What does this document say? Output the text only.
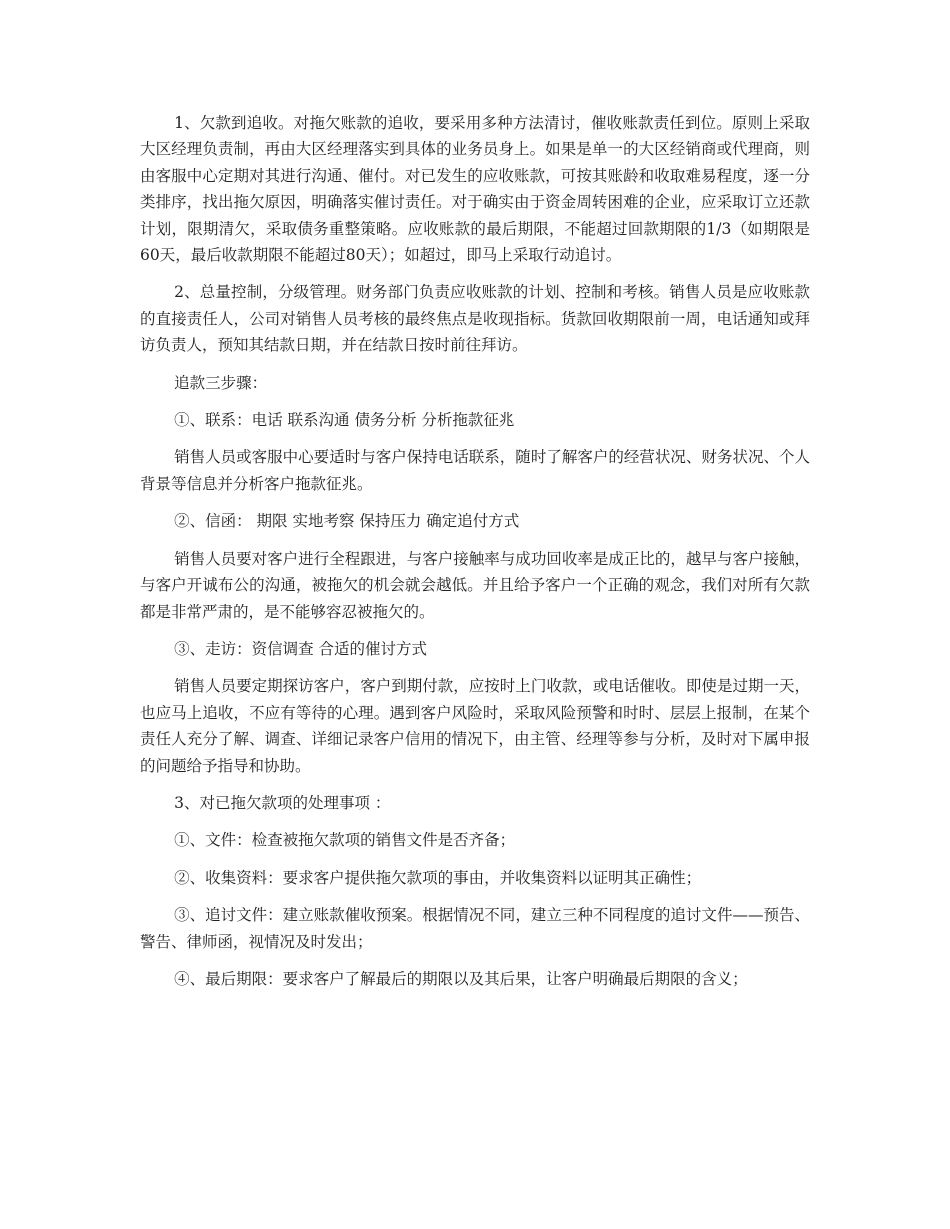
1、欠款到追收。对拖欠账款的追收，要采用多种方法清讨，催收账款责任到位。原则上采取大区经理负责制，再由大区经理落实到具体的业务员身上。如果是单一的大区经销商或代理商，则由客服中心定期对其进行沟通、催付。对已发生的应收账款，可按其账龄和收取难易程度，逐一分类排序，找出拖欠原因，明确落实催讨责任。对于确实由于资金周转困难的企业，应采取订立还款计划，限期清欠，采取债务重整策略。应收账款的最后期限，不能超过回款期限的1/3（如期限是60天，最后收款期限不能超过80天）；如超过，即马上采取行动追讨。

2、总量控制，分级管理。财务部门负责应收账款的计划、控制和考核。销售人员是应收账款的直接责任人，公司对销售人员考核的最终焦点是收现指标。货款回收期限前一周，电话通知或拜访负责人，预知其结款日期，并在结款日按时前往拜访。

追款三步骤：

①、联系：电话 联系沟通 债务分析 分析拖款征兆

销售人员或客服中心要适时与客户保持电话联系，随时了解客户的经营状况、财务状况、个人背景等信息并分析客户拖款征兆。

②、信函： 期限 实地考察 保持压力 确定追付方式

销售人员要对客户进行全程跟进，与客户接触率与成功回收率是成正比的，越早与客户接触，与客户开诚布公的沟通，被拖欠的机会就会越低。并且给予客户一个正确的观念，我们对所有欠款都是非常严肃的，是不能够容忍被拖欠的。

③、走访：资信调查 合适的催讨方式

销售人员要定期探访客户，客户到期付款，应按时上门收款，或电话催收。即使是过期一天，也应马上追收，不应有等待的心理。遇到客户风险时，采取风险预警和时时、层层上报制，在某个责任人充分了解、调查、详细记录客户信用的情况下，由主管、经理等参与分析，及时对下属申报的问题给予指导和协助。

3、对已拖欠款项的处理事项 ：

①、文件：检查被拖欠款项的销售文件是否齐备；

②、收集资料：要求客户提供拖欠款项的事由，并收集资料以证明其正确性；

③、追讨文件：建立账款催收预案。根据情况不同，建立三种不同程度的追讨文件——预告、警告、律师函，视情况及时发出；

④、最后期限：要求客户了解最后的期限以及其后果，让客户明确最后期限的含义；
